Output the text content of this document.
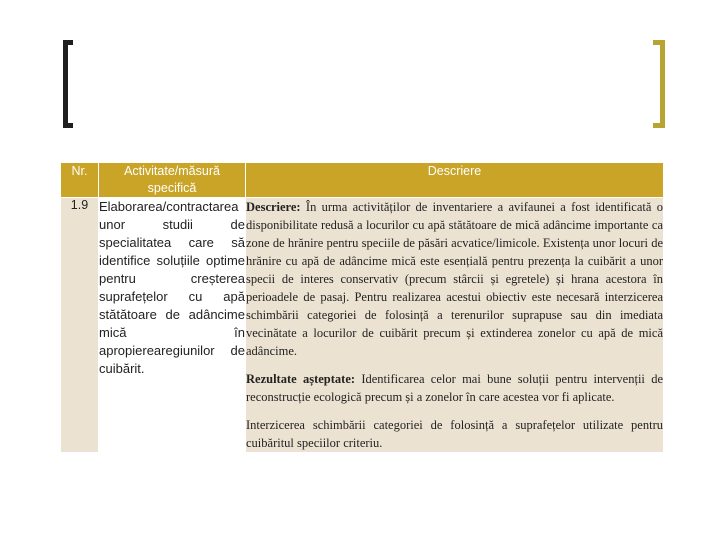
Nr.	Activitate/măsură specifică	Descriere
1.9	Elaborarea/contractarea unor studii de specialitatea care să identifice soluțiile optime pentru creșterea suprafețelor cu apă stătătoare de adâncime mică în apropierearegiunilor de cuibărit.	Descriere: În urma activităților de inventariere a avifaunei a fost identificată o disponibilitate redusă a locurilor cu apă stătătoare de mică adâncime importante ca zone de hrănire pentru speciile de păsări acvatice/limicole. Existența unor locuri de hrănire cu apă de adâncime mică este esențială pentru prezența la cuibărit a unor specii de interes conservativ (precum stârcii și egretele) și hrana acestora în perioadele de pasaj. Pentru realizarea acestui obiectiv este necesară interzicerea schimbării categoriei de folosință a terenurilor suprapuse sau din imediata vecinătate a locurilor de cuibărit precum și extinderea zonelor cu apă de mică adâncime.

Rezultate așteptate: Identificarea celor mai bune soluții pentru intervenții de reconstrucție ecologică precum și a zonelor în care acestea vor fi aplicate.

Interzicerea schimbării categoriei de folosință a suprafețelor utilizate pentru cuibăritul speciilor criteriu.
